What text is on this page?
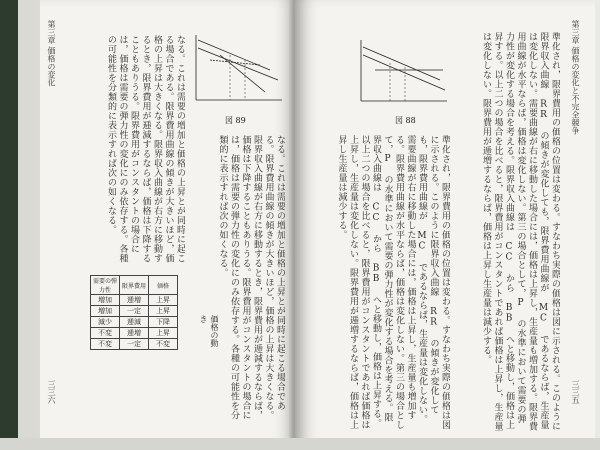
第三章 価格の変化
三三六
図 89
なる。これは需要の増加と価格の上昇とが同時に起こる場合である。限界費用曲線の傾きが大きいほど，価格の上昇は大きくなる。限界収入曲線が右方に移動するとき，限界費用が逓減するならば，価格は下降することもありうる。限界費用がコンスタントの場合には，価格は需要の弾力性の変化にのみ依存する。各種の可能性を分類的に表示すれば次の如くなる。
なる。これは需要の増加と価格の上昇とが同時に起こる場合である。限界費用曲線の傾きが大きいほど，価格の上昇は大きくなる。限界収入曲線が右方に移動するとき，限界費用が逓減するならば，価格は下降することもありうる。限界費用がコンスタントの場合には，価格は需要の弾力性の変化にのみ依存する。各種の可能性を分類的に表示すれば次の如くなる。
価格の動き
需要の弾力性	限界費用	価格
増加	逓増	上昇
増加	一定	上昇
減少	逓減	下降
不変	逓増	上昇
不変	一定	不変
第三章 価格の変化と不完全競争
三三五
図 88	準化され，限界費用の価格の位置は変わる。すなわち実際の価格は図に示される。このように限界収入曲線 RR の傾きが変化しても，限界費用曲線が MC であるならば，生産量は変化しない。需要曲線が右に移動した場合には，価格は上昇し，生産量も増加する。限界費用曲線が水平ならば，価格は変化しない。第三の場合として，P の水準において需要の弾力性が変化する場合を考える。限界収入曲線は CC から BB へと移動し，価格は上昇する。以上二つの場合を比べると，限界費用がコンスタントであれば価格は上昇し，生産量は変化しない。限界費用が逓増するならば，価格は上昇し生産量は減少する。
準化され，限界費用の価格の位置は変わる。すなわち実際の価格は図に示される。このように限界収入曲線 RR の傾きが変化しても，限界費用曲線が MC であるならば，生産量は変化しない。需要曲線が右に移動した場合には，価格は上昇し，生産量も増加する。限界費用曲線が水平ならば，価格は変化しない。第三の場合として，P の水準において需要の弾力性が変化する場合を考える。限界収入曲線は CC から BB へと移動し，価格は上昇する。以上二つの場合を比べると，限界費用がコンスタントであれば価格は上昇し，生産量は変化しない。限界費用が逓増するならば，価格は上昇し生産量は減少する。
